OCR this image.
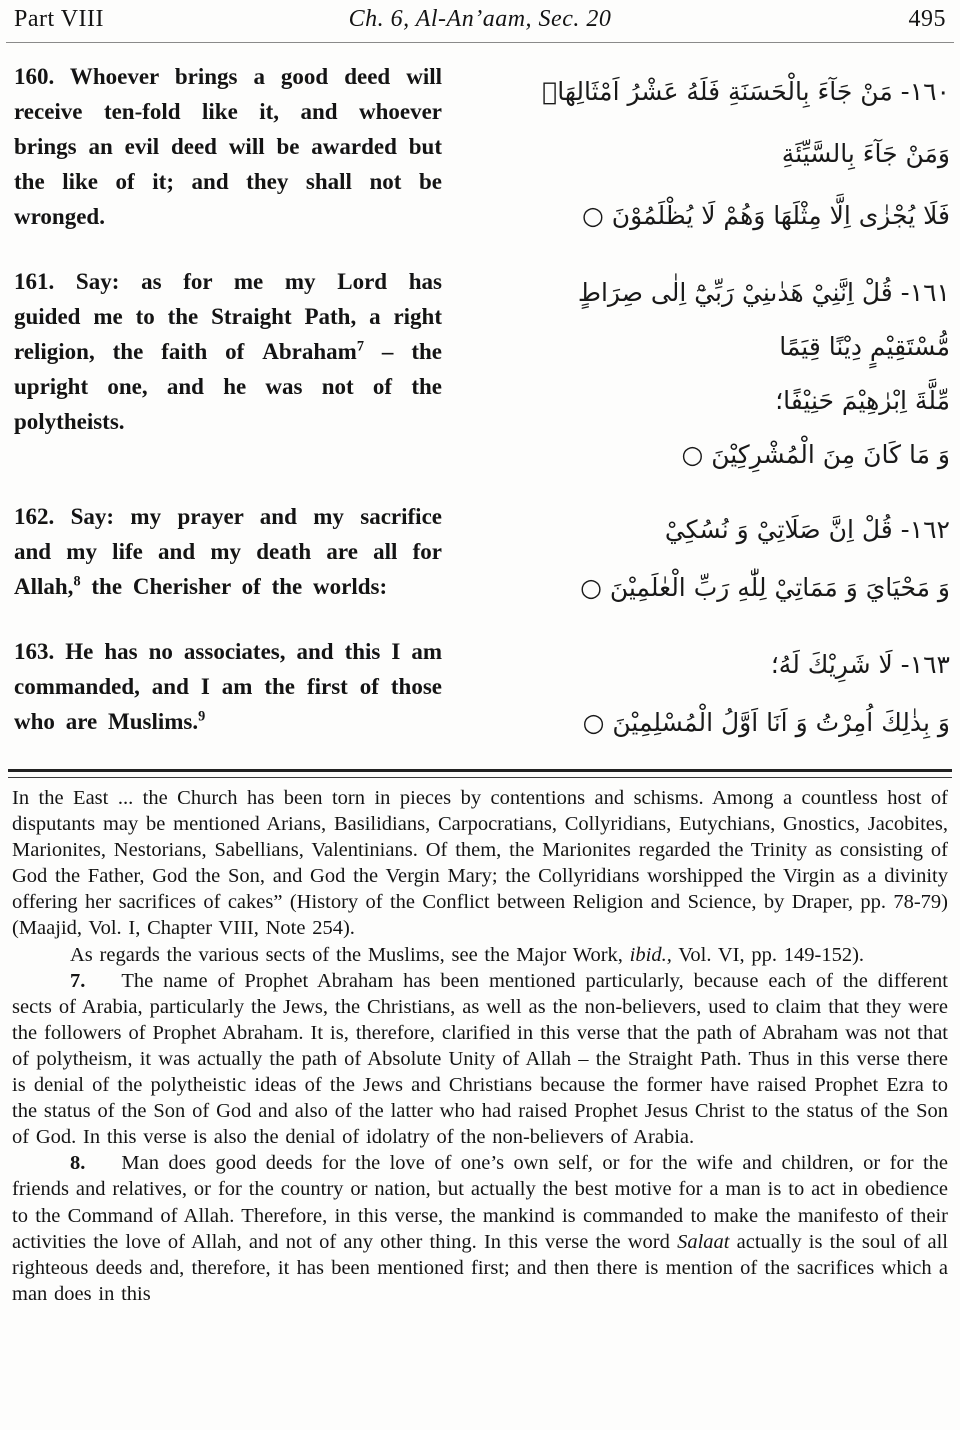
Part VIII	Ch. 6, Al-An’aam, Sec. 20	495

160. Whoever brings a good deed will receive ten-fold like it, and whoever brings an evil deed will be awarded but the like of it; and they shall not be wronged.

١٦٠- مَنْ جَآءَ بِالْحَسَنَةِ فَلَهُ عَشْرُ اَمْثَالِهَاؚ
وَمَنْ جَآءَ بِالسَّيِّئَةِ
فَلَا يُجْزٰى اِلَّا مِثْلَهَا وَهُمْ لَا يُظْلَمُوْنَ ○

161. Say: as for me my Lord has guided me to the Straight Path, a right religion, the faith of Abraham$^7$ – the upright one, and he was not of the polytheists.

١٦١- قُلْ اِنَّنِيْ هَدٰىنِيْ رَبِّيْٓ اِلٰى صِرَاطٍ
مُّسْتَقِيْمٍ دِيْنًا قِيَمًا
مِّلَّةَ اِبْرٰهِيْمَ حَنِيْفًا؛
وَ مَا كَانَ مِنَ الْمُشْرِكِيْنَ ○

162. Say: my prayer and my sacrifice and my life and my death are all for Allah,$^8$ the Cherisher of the worlds:

١٦٢- قُلْ اِنَّ صَلَاتِيْ وَ نُسُكِيْ
وَ مَحْيَايَ وَ مَمَاتِيْ لِلّٰهِ رَبِّ الْعٰلَمِيْنَ ○

163. He has no associates, and this I am commanded, and I am the first of those who are Muslims.$^9$

١٦٣- لَا شَرِيْكَ لَهُ؛
وَ بِذٰلِكَ اُمِرْتُ وَ اَنَا اَوَّلُ الْمُسْلِمِيْنَ ○

In the East ... the Church has been torn in pieces by contentions and schisms. Among a countless host of disputants may be mentioned Arians, Basilidians, Carpocratians, Collyridians, Eutychians, Gnostics, Jacobites, Marionites, Nestorians, Sabellians, Valentinians. Of them, the Marionites regarded the Trinity as consisting of God the Father, God the Son, and God the Vergin Mary; the Collyridians worshipped the Virgin as a divinity offering her sacrifices of cakes” (History of the Conflict between Religion and Science, by Draper, pp. 78-79) (Maajid, Vol. I, Chapter VIII, Note 254).

As regards the various sects of the Muslims, see the Major Work, ibid., Vol. VI, pp. 149-152).

7. The name of Prophet Abraham has been mentioned particularly, because each of the different sects of Arabia, particularly the Jews, the Christians, as well as the non-believers, used to claim that they were the followers of Prophet Abraham. It is, therefore, clarified in this verse that the path of Abraham was not that of polytheism, it was actually the path of Absolute Unity of Allah – the Straight Path. Thus in this verse there is denial of the polytheistic ideas of the Jews and Christians because the former have raised Prophet Ezra to the status of the Son of God and also of the latter who had raised Prophet Jesus Christ to the status of the Son of God. In this verse is also the denial of idolatry of the non-believers of Arabia.

8. Man does good deeds for the love of one’s own self, or for the wife and children, or for the friends and relatives, or for the country or nation, but actually the best motive for a man is to act in obedience to the Command of Allah. Therefore, in this verse, the mankind is commanded to make the manifesto of their activities the love of Allah, and not of any other thing. In this verse the word Salaat actually is the soul of all righteous deeds and, therefore, it has been mentioned first; and then there is mention of the sacrifices which a man does in this
